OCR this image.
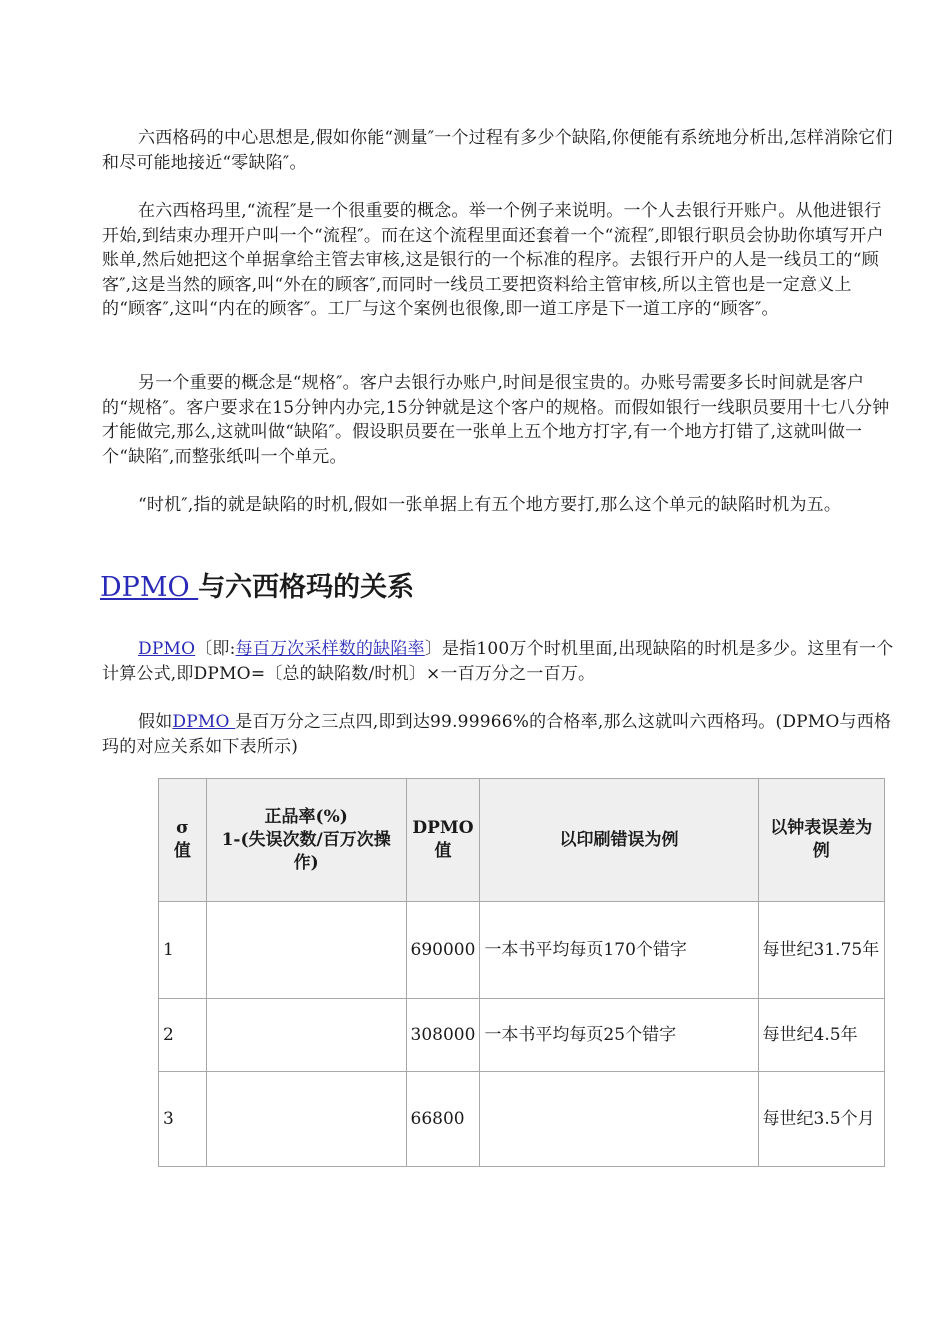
六西格码的中心思想是,假如你能“测量″一个过程有多少个缺陷,你便能有系统地分析出,怎样消除它们和尽可能地接近“零缺陷″。

在六西格玛里,“流程″是一个很重要的概念。举一个例子来说明。一个人去银行开账户。从他进银行开始,到结束办理开户叫一个“流程″。而在这个流程里面还套着一个“流程″,即银行职员会协助你填写开户账单,然后她把这个单据拿给主管去审核,这是银行的一个标准的程序。去银行开户的人是一线员工的“顾客″,这是当然的顾客,叫“外在的顾客″,而同时一线员工要把资料给主管审核,所以主管也是一定意义上的“顾客″,这叫“内在的顾客″。工厂与这个案例也很像,即一道工序是下一道工序的“顾客″。

另一个重要的概念是“规格″。客户去银行办账户,时间是很宝贵的。办账号需要多长时间就是客户的“规格″。客户要求在15分钟内办完,15分钟就是这个客户的规格。而假如银行一线职员要用十七八分钟才能做完,那么,这就叫做“缺陷″。假设职员要在一张单上五个地方打字,有一个地方打错了,这就叫做一个“缺陷″,而整张纸叫一个单元。

“时机″,指的就是缺陷的时机,假如一张单据上有五个地方要打,那么这个单元的缺陷时机为五。

DPMO 与六西格玛的关系

DPMO〔即:每百万次采样数的缺陷率〕是指100万个时机里面,出现缺陷的时机是多少。这里有一个计算公式,即DPMO=〔总的缺陷数/时机〕×一百万分之一百万。

假如DPMO 是百万分之三点四,即到达99.99966%的合格率,那么这就叫六西格玛。(DPMO与西格玛的对应关系如下表所示)

σ
值	正品率(%)
1-(失误次数/百万次操
作)	DPMO值	以印刷错误为例	以钟表误差为
例
1		690000	一本书平均每页170个错字	每世纪31.75年
2		308000	一本书平均每页25个错字	每世纪4.5年
3		66800		每世纪3.5个月
